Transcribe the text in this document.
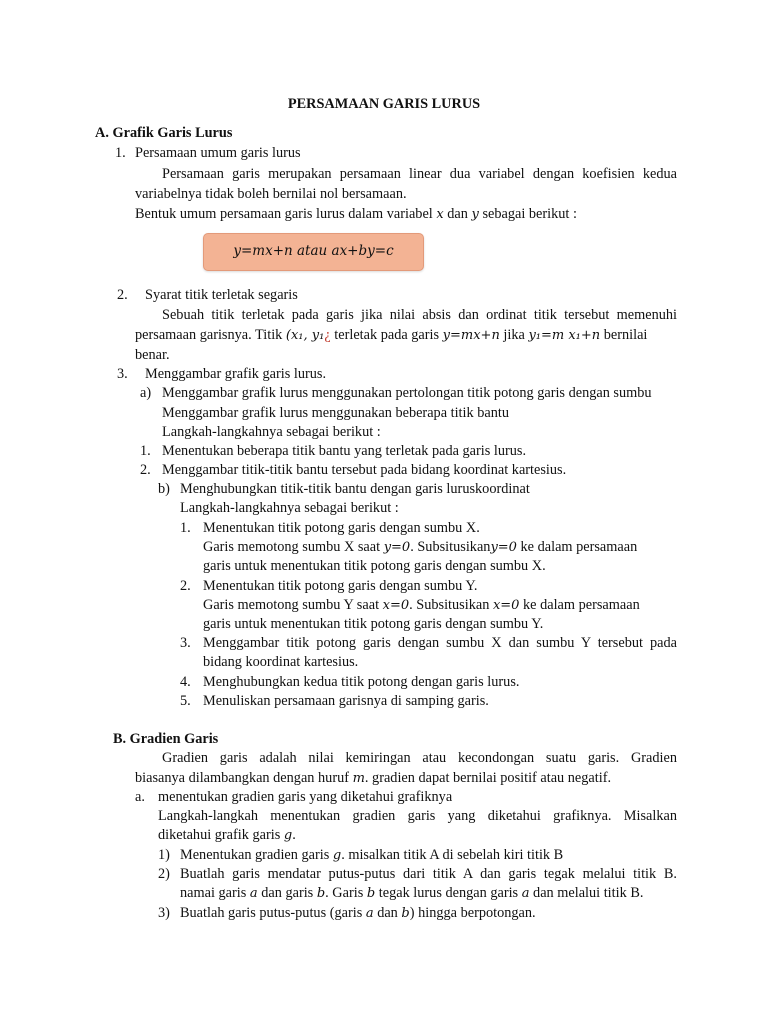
PERSAMAAN GARIS LURUS
A. Grafik Garis Lurus
1. Persamaan umum garis lurus
Persamaan garis merupakan persamaan linear dua variabel dengan koefisien kedua
variabelnya tidak boleh bernilai nol bersamaan.
Bentuk umum persamaan garis lurus dalam variabel x dan y sebagai berikut :
y=mx+n atau ax+by=c
2. Syarat titik terletak segaris
Sebuah titik terletak pada garis jika nilai absis dan ordinat titik tersebut memenuhi
persamaan garisnya. Titik (x₁, y₁¿ terletak pada garis y=mx+n jika y₁=m x₁+n bernilai
benar.
3. Menggambar grafik garis lurus.
a) Menggambar grafik lurus menggunakan pertolongan titik potong garis dengan sumbu
Menggambar grafik lurus menggunakan beberapa titik bantu
Langkah-langkahnya sebagai berikut :
1. Menentukan beberapa titik bantu yang terletak pada garis lurus.
2. Menggambar titik-titik bantu tersebut pada bidang koordinat kartesius.
b) Menghubungkan titik-titik bantu dengan garis luruskoordinat
Langkah-langkahnya sebagai berikut :
1. Menentukan titik potong garis dengan sumbu X.
Garis memotong sumbu X saat y=0. Subsitusikany=0 ke dalam persamaan
garis untuk menentukan titik potong garis dengan sumbu X.
2. Menentukan titik potong garis dengan sumbu Y.
Garis memotong sumbu Y saat x=0. Subsitusikan x=0 ke dalam persamaan
garis untuk menentukan titik potong garis dengan sumbu Y.
3. Menggambar titik potong garis dengan sumbu X dan sumbu Y tersebut pada
bidang koordinat kartesius.
4. Menghubungkan kedua titik potong dengan garis lurus.
5. Menuliskan persamaan garisnya di samping garis.
B. Gradien Garis
Gradien garis adalah nilai kemiringan atau kecondongan suatu garis. Gradien
biasanya dilambangkan dengan huruf m. gradien dapat bernilai positif atau negatif.
a. menentukan gradien garis yang diketahui grafiknya
Langkah-langkah menentukan gradien garis yang diketahui grafiknya. Misalkan
diketahui grafik garis g.
1) Menentukan gradien garis g. misalkan titik A di sebelah kiri titik B
2) Buatlah garis mendatar putus-putus dari titik A dan garis tegak melalui titik B.
namai garis a dan garis b. Garis b tegak lurus dengan garis a dan melalui titik B.
3) Buatlah garis putus-putus (garis a dan b) hingga berpotongan.
